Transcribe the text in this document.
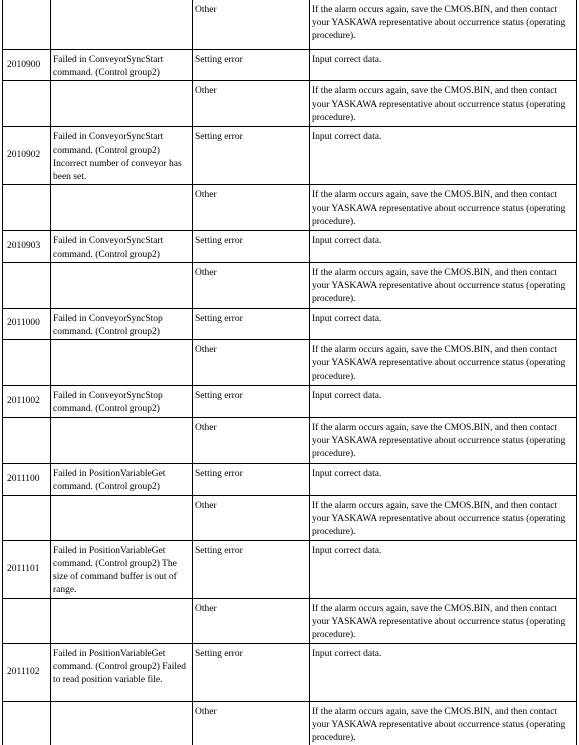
		Other	If the alarm occurs again, save the CMOS.BIN, and then contact your YASKAWA representative about occurrence status (operating procedure).
2010900	Failed in ConveyorSyncStart command. (Control group2)	Setting error	Input correct data.
		Other	If the alarm occurs again, save the CMOS.BIN, and then contact your YASKAWA representative about occurrence status (operating procedure).
2010902	Failed in ConveyorSyncStart command. (Control group2) Incorrect number of conveyor has been set.	Setting error	Input correct data.
		Other	If the alarm occurs again, save the CMOS.BIN, and then contact your YASKAWA representative about occurrence status (operating procedure).
2010903	Failed in ConveyorSyncStart command. (Control group2)	Setting error	Input correct data.
		Other	If the alarm occurs again, save the CMOS.BIN, and then contact your YASKAWA representative about occurrence status (operating procedure).
2011000	Failed in ConveyorSyncStop command. (Control group2)	Setting error	Input correct data.
		Other	If the alarm occurs again, save the CMOS.BIN, and then contact your YASKAWA representative about occurrence status (operating procedure).
2011002	Failed in ConveyorSyncStop command. (Control group2)	Setting error	Input correct data.
		Other	If the alarm occurs again, save the CMOS.BIN, and then contact your YASKAWA representative about occurrence status (operating procedure).
2011100	Failed in PositionVariableGet command. (Control group2)	Setting error	Input correct data.
		Other	If the alarm occurs again, save the CMOS.BIN, and then contact your YASKAWA representative about occurrence status (operating procedure).
2011101	Failed in PositionVariableGet command. (Control group2) The size of command buffer is out of range.	Setting error	Input correct data.
		Other	If the alarm occurs again, save the CMOS.BIN, and then contact your YASKAWA representative about occurrence status (operating procedure).
2011102	Failed in PositionVariableGet command. (Control group2) Failed to read position variable file.	Setting error	Input correct data.
		Other	If the alarm occurs again, save the CMOS.BIN, and then contact your YASKAWA representative about occurrence status (operating procedure).
